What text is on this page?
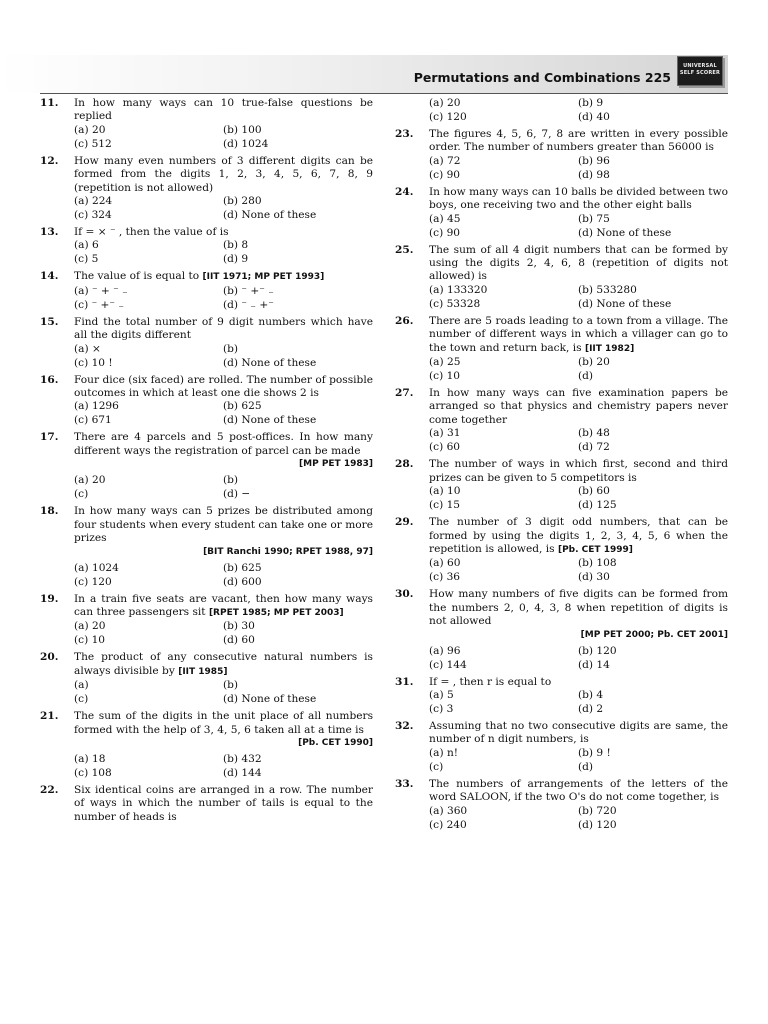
Permutations and Combinations 225
UNIVERSAL SELF SCORER
11. In how many ways can 10 true-false questions be replied
(a) 20	(b) 100
(c) 512	(d) 1024
12. How many even numbers of 3 different digits can be formed from the digits 1, 2, 3, 4, 5, 6, 7, 8, 9 (repetition is not allowed)
(a) 224	(b) 280
(c) 324	(d) None of these
13. If = × ⁻ , then the value of is
(a) 6	(b) 8
(c) 5	(d) 9
14. The value of is equal to [IIT 1971; MP PET 1993]
(a) ⁻ + ⁻ ₋	(b) ⁻ +⁻ ₋
(c) ⁻ +⁻ ₋	(d) ⁻ ₋ +⁻
15. Find the total number of 9 digit numbers which have all the digits different
(a) ×	(b)
(c) 10 !	(d) None of these
16. Four dice (six faced) are rolled. The number of possible outcomes in which at least one die shows 2 is
(a) 1296	(b) 625
(c) 671	(d) None of these
17. There are 4 parcels and 5 post-offices. In how many different ways the registration of parcel can be made
[MP PET 1983]
(a) 20	(b)
(c)	(d) −
18. In how many ways can 5 prizes be distributed among four students when every student can take one or more prizes
[BIT Ranchi 1990; RPET 1988, 97]
(a) 1024	(b) 625
(c) 120	(d) 600
19. In a train five seats are vacant, then how many ways can three passengers sit [RPET 1985; MP PET 2003]
(a) 20	(b) 30
(c) 10	(d) 60
20. The product of any consecutive natural numbers is always divisible by [IIT 1985]
(a)	(b)
(c)	(d) None of these
21. The sum of the digits in the unit place of all numbers formed with the help of 3, 4, 5, 6 taken all at a time is
[Pb. CET 1990]
(a) 18	(b) 432
(c) 108	(d) 144
22. Six identical coins are arranged in a row. The number of ways in which the number of tails is equal to the number of heads is
(a) 20	(b) 9
(c) 120	(d) 40
23. The figures 4, 5, 6, 7, 8 are written in every possible order. The number of numbers greater than 56000 is
(a) 72	(b) 96
(c) 90	(d) 98
24. In how many ways can 10 balls be divided between two boys, one receiving two and the other eight balls
(a) 45	(b) 75
(c) 90	(d) None of these
25. The sum of all 4 digit numbers that can be formed by using the digits 2, 4, 6, 8 (repetition of digits not allowed) is
(a) 133320	(b) 533280
(c) 53328	(d) None of these
26. There are 5 roads leading to a town from a village. The number of different ways in which a villager can go to the town and return back, is [IIT 1982]
(a) 25	(b) 20
(c) 10	(d)
27. In how many ways can five examination papers be arranged so that physics and chemistry papers never come together
(a) 31	(b) 48
(c) 60	(d) 72
28. The number of ways in which first, second and third prizes can be given to 5 competitors is
(a) 10	(b) 60
(c) 15	(d) 125
29. The number of 3 digit odd numbers, that can be formed by using the digits 1, 2, 3, 4, 5, 6 when the repetition is allowed, is [Pb. CET 1999]
(a) 60	(b) 108
(c) 36	(d) 30
30. How many numbers of five digits can be formed from the numbers 2, 0, 4, 3, 8 when repetition of digits is not allowed
[MP PET 2000; Pb. CET 2001]
(a) 96	(b) 120
(c) 144	(d) 14
31. If = , then r is equal to
(a) 5	(b) 4
(c) 3	(d) 2
32. Assuming that no two consecutive digits are same, the number of n digit numbers, is
(a) n!	(b) 9 !
(c)	(d)
33. The numbers of arrangements of the letters of the word SALOON, if the two O's do not come together, is
(a) 360	(b) 720
(c) 240	(d) 120
